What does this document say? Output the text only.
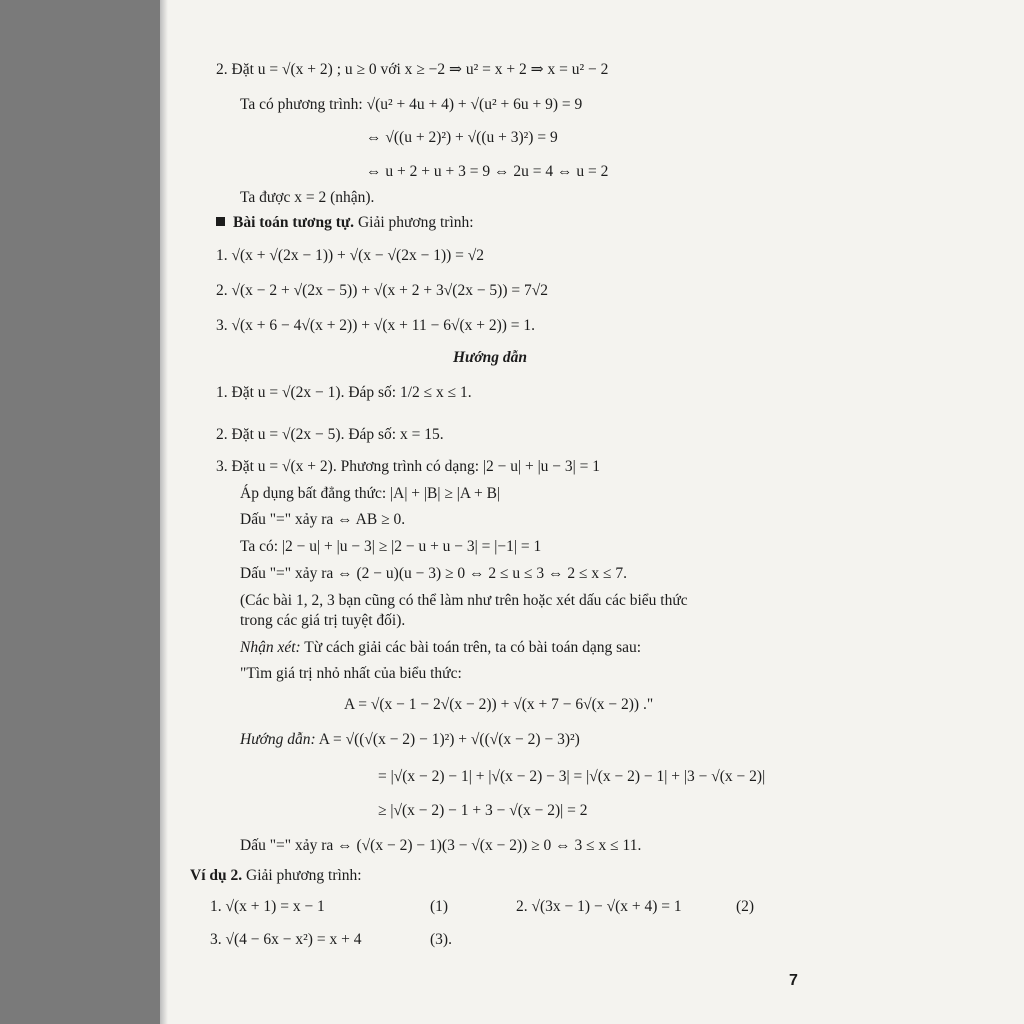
2. Đặt u = √(x + 2) ; u ≥ 0 với x ≥ −2 ⇒ u² = x + 2 ⇒ x = u² − 2
Ta có phương trình: √(u² + 4u + 4) + √(u² + 6u + 9) = 9
⇔ √((u + 2)²) + √((u + 3)²) = 9
⇔ u + 2 + u + 3 = 9 ⇔ 2u = 4 ⇔ u = 2
Ta được x = 2 (nhận).
Bài toán tương tự. Giải phương trình:
1. √(x + √(2x − 1)) + √(x − √(2x − 1)) = √2
2. √(x − 2 + √(2x − 5)) + √(x + 2 + 3√(2x − 5)) = 7√2
3. √(x + 6 − 4√(x + 2)) + √(x + 11 − 6√(x + 2)) = 1.
Hướng dẫn
1. Đặt u = √(2x − 1). Đáp số: 1/2 ≤ x ≤ 1.
2. Đặt u = √(2x − 5). Đáp số: x = 15.
3. Đặt u = √(x + 2). Phương trình có dạng: |2 − u| + |u − 3| = 1
Áp dụng bất đẳng thức: |A| + |B| ≥ |A + B|
Dấu "=" xảy ra ⇔ AB ≥ 0.
Ta có: |2 − u| + |u − 3| ≥ |2 − u + u − 3| = |−1| = 1
Dấu "=" xảy ra ⇔ (2 − u)(u − 3) ≥ 0 ⇔ 2 ≤ u ≤ 3 ⇔ 2 ≤ x ≤ 7.
(Các bài 1, 2, 3 bạn cũng có thể làm như trên hoặc xét dấu các biểu thức
trong các giá trị tuyệt đối).
Nhận xét: Từ cách giải các bài toán trên, ta có bài toán dạng sau:
"Tìm giá trị nhỏ nhất của biểu thức:
A = √(x − 1 − 2√(x − 2)) + √(x + 7 − 6√(x − 2)) ."
Hướng dẫn: A = √((√(x − 2) − 1)²) + √((√(x − 2) − 3)²)
= |√(x − 2) − 1| + |√(x − 2) − 3| = |√(x − 2) − 1| + |3 − √(x − 2)|
≥ |√(x − 2) − 1 + 3 − √(x − 2)| = 2
Dấu "=" xảy ra ⇔ (√(x − 2) − 1)(3 − √(x − 2)) ≥ 0 ⇔ 3 ≤ x ≤ 11.
Ví dụ 2. Giải phương trình:
1. √(x + 1) = x − 1	(1)	2. √(3x − 1) − √(x + 4) = 1	(2)
3. √(4 − 6x − x²) = x + 4	(3).
7
